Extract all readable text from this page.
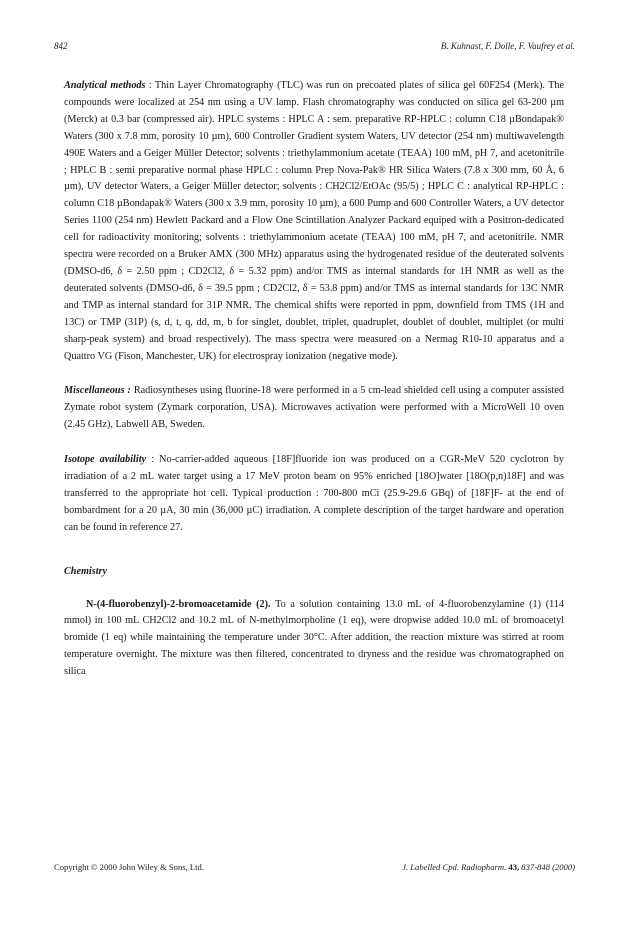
842	B. Kuhnast, F. Dolle, F. Vaufrey et al.

Analytical methods : Thin Layer Chromatography (TLC) was run on precoated plates of silica gel 60F254 (Merk). The compounds were localized at 254 nm using a UV lamp. Flash chromatography was conducted on silica gel 63-200 µm (Merck) at 0.3 bar (compressed air). HPLC systems : HPLC A : sem. preparative RP-HPLC : column C18 µBondapak® Waters (300 x 7.8 mm, porosity 10 µm), 600 Controller Gradient system Waters, UV detector (254 nm) multiwavelength 490E Waters and a Geiger Müller Detector; solvents : triethylammonium acetate (TEAA) 100 mM, pH 7, and acetonitrile ; HPLC B : semi preparative normal phase HPLC : column Prep Nova-Pak® HR Silica Waters (7.8 x 300 mm, 60 Å, 6 µm), UV detector Waters, a Geiger Müller detector; solvents : CH2Cl2/EtOAc (95/5) ; HPLC C : analytical RP-HPLC : column C18 µBondapak® Waters (300 x 3.9 mm, porosity 10 µm), a 600 Pump and 600 Controller Waters, a UV detector Series 1100 (254 nm) Hewlett Packard and a Flow One Scintillation Analyzer Packard equiped with a Positron-dedicated cell for radioactivity monitoring; solvents : triethylammonium acetate (TEAA) 100 mM, pH 7, and acetonitrile. NMR spectra were recorded on a Bruker AMX (300 MHz) apparatus using the hydrogenated residue of the deuterated solvents (DMSO-d6, δ = 2.50 ppm ; CD2Cl2, δ = 5.32 ppm) and/or TMS as internal standards for 1H NMR as well as the deuterated solvents (DMSO-d6, δ = 39.5 ppm ; CD2Cl2, δ = 53.8 ppm) and/or TMS as internal standards for 13C NMR and TMP as internal standard for 31P NMR. The chemical shifts were reported in ppm, downfield from TMS (1H and 13C) or TMP (31P) (s, d, t, q, dd, m, b for singlet, doublet, triplet, quadruplet, doublet of doublet, multiplet (or multi sharp-peak system) and broad respectively). The mass spectra were measured on a Nermag R10-10 apparatus and a Quattro VG (Fison, Manchester, UK) for electrospray ionization (negative mode).

Miscellaneous : Radiosyntheses using fluorine-18 were performed in a 5 cm-lead shielded cell using a computer assisted Zymate robot system (Zymark corporation, USA). Microwaves activation were performed with a MicroWell 10 oven (2.45 GHz), Labwell AB, Sweden.

Isotope availability : No-carrier-added aqueous [18F]fluoride ion was produced on a CGR-MeV 520 cyclotron by irradiation of a 2 mL water target using a 17 MeV proton beam on 95% enriched [18O]water [18O(p,n)18F] and was transferred to the appropriate hot cell. Typical production : 700-800 mCi (25.9-29.6 GBq) of [18F]F- at the end of bombardment for a 20 µA, 30 min (36,000 µC) irradiation. A complete description of the target hardware and operation can be found in reference 27.

Chemistry

N-(4-fluorobenzyl)-2-bromoacetamide (2). To a solution containing 13.0 mL of 4-fluorobenzylamine (1) (114 mmol) in 100 mL CH2Cl2 and 10.2 mL of N-methylmorpholine (1 eq), were dropwise added 10.0 mL of bromoacetyl bromide (1 eq) while maintaining the temperature under 30°C. After addition, the reaction mixture was stirred at room temperature overnight. The mixture was then filtered, concentrated to dryness and the residue was chromatographed on silica

Copyright © 2000 John Wiley & Sons, Ltd.	J. Labelled Cpd. Radiopharm. 43, 837-848 (2000)
